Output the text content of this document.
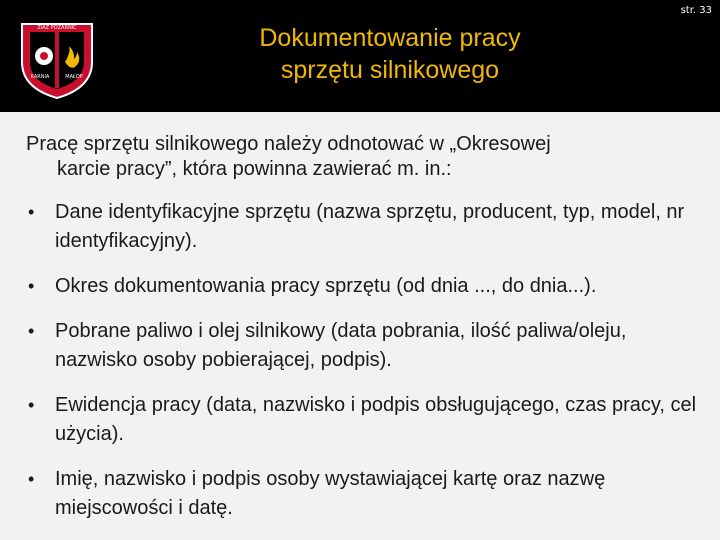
ZIAZ POŻARNIC
KARNIA	MAŁOP
Dokumentowanie pracy
sprzętu silnikowego
str. 33

Pracę sprzętu silnikowego należy odnotować w „Okresowej
karcie pracy”, która powinna zawierać m. in.:

• Dane identyfikacyjne sprzętu (nazwa sprzętu, producent, typ, model, nr identyfikacyjny).
• Okres dokumentowania pracy sprzętu (od dnia ..., do dnia...).
• Pobrane paliwo i olej silnikowy (data pobrania, ilość paliwa/oleju, nazwisko osoby pobierającej, podpis).
• Ewidencja pracy (data, nazwisko i podpis obsługującego, czas pracy, cel użycia).
• Imię, nazwisko i podpis osoby wystawiającej kartę oraz nazwę miejscowości i datę.
